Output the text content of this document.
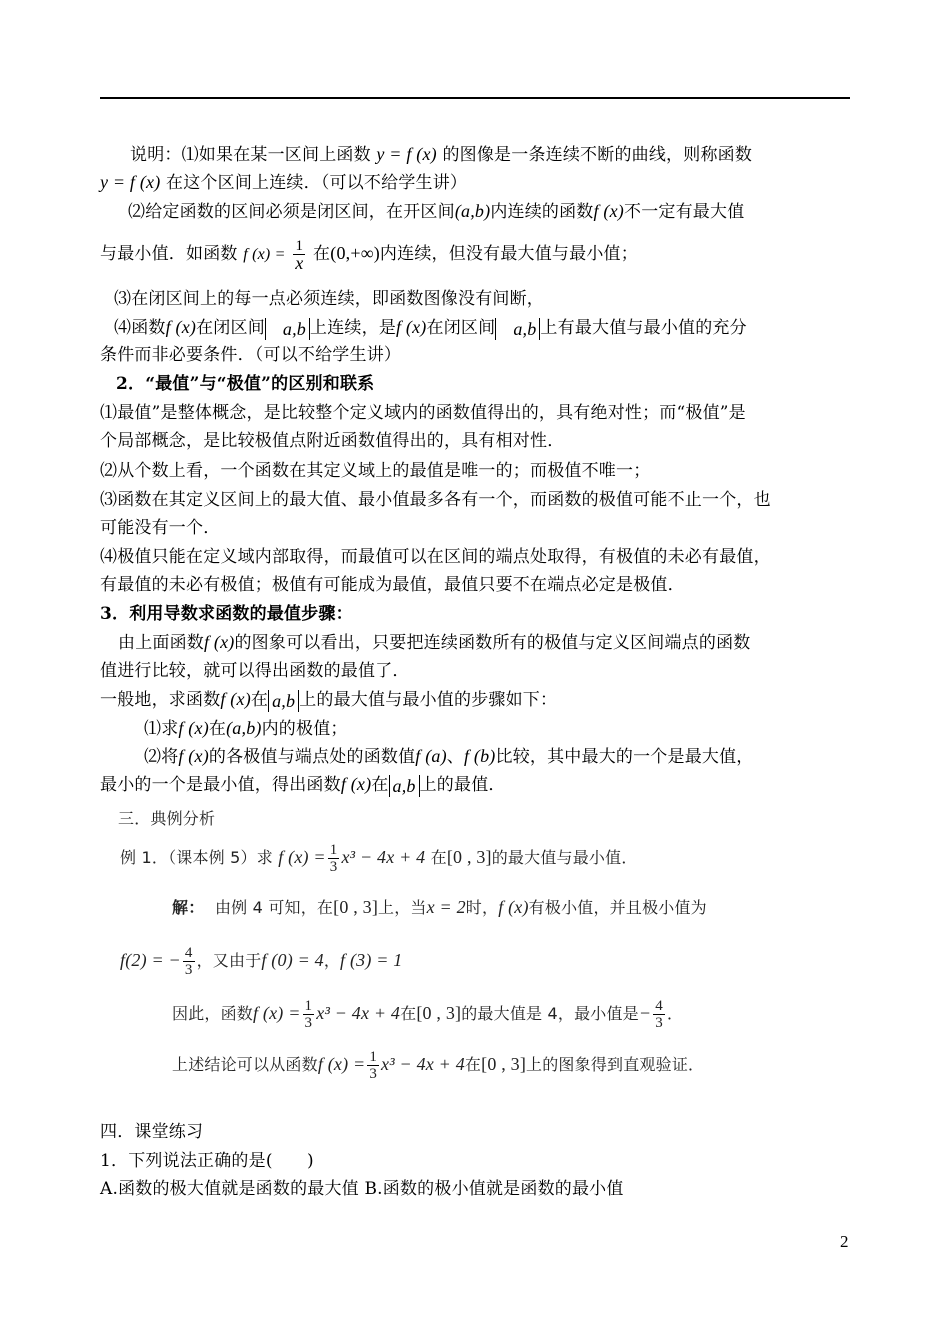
说明：⑴如果在某一区间上函数 y = f (x) 的图像是一条连续不断的曲线，则称函数
y = f (x) 在这个区间上连续．（可以不给学生讲）
⑵给定函数的区间必须是闭区间，在开区间(a,b)内连续的函数f (x)不一定有最大值
与最小值．如函数 f $(x) = \frac{1}{x}$ 在(0,+∞)内连续，但没有最大值与最小值；
⑶在闭区间上的每一点必须连续，即函数图像没有间断，
⑷函数f (x)在闭区间 a,b 上连续，是f (x)在闭区间 a,b 上有最大值与最小值的充分
条件而非必要条件．（可以不给学生讲）
2．“最值”与“极值”的区别和联系
⑴最值”是整体概念，是比较整个定义域内的函数值得出的，具有绝对性；而“极值”是
个局部概念，是比较极值点附近函数值得出的，具有相对性．
⑵从个数上看，一个函数在其定义域上的最值是唯一的；而极值不唯一；
⑶函数在其定义区间上的最大值、最小值最多各有一个，而函数的极值可能不止一个，也
可能没有一个．
⑷极值只能在定义域内部取得，而最值可以在区间的端点处取得，有极值的未必有最值，
有最值的未必有极值；极值有可能成为最值，最值只要不在端点必定是极值．
3．利用导数求函数的最值步骤：
由上面函数f (x)的图象可以看出，只要把连续函数所有的极值与定义区间端点的函数
值进行比较，就可以得出函数的最值了．
一般地，求函数f (x)在 a,b 上的最大值与最小值的步骤如下：
⑴求f (x)在(a,b)内的极值；
⑵将f (x)的各极值与端点处的函数值f (a)、f (b)比较，其中最大的一个是最大值，
最小的一个是最小值，得出函数f (x)在 a,b 上的最值．
三．典例分析
例 1．（课本例 5）求 f $(x) = \frac{1}{3} x^3 - 4x + 4$ 在[0 , 3]的最大值与最小值．
解： 由例 4 可知，在[0 , 3]上，当x = 2时，f (x)有极小值，并且极小值为
f(2) = − $\frac{4}{3}$ ，又由于f (0) = 4，f (3) = 1
因此，函数f $(x) = \frac{1}{3} x^3 - 4x + 4$在[0 , 3]的最大值是 4，最小值是− $\frac{4}{3}$ ．
上述结论可以从函数f $(x) = \frac{1}{3} x^3 - 4x + 4$在[0 , 3]上的图象得到直观验证．
四．课堂练习
1．下列说法正确的是(　　)
A.函数的极大值就是函数的最大值 B.函数的极小值就是函数的最小值
2
